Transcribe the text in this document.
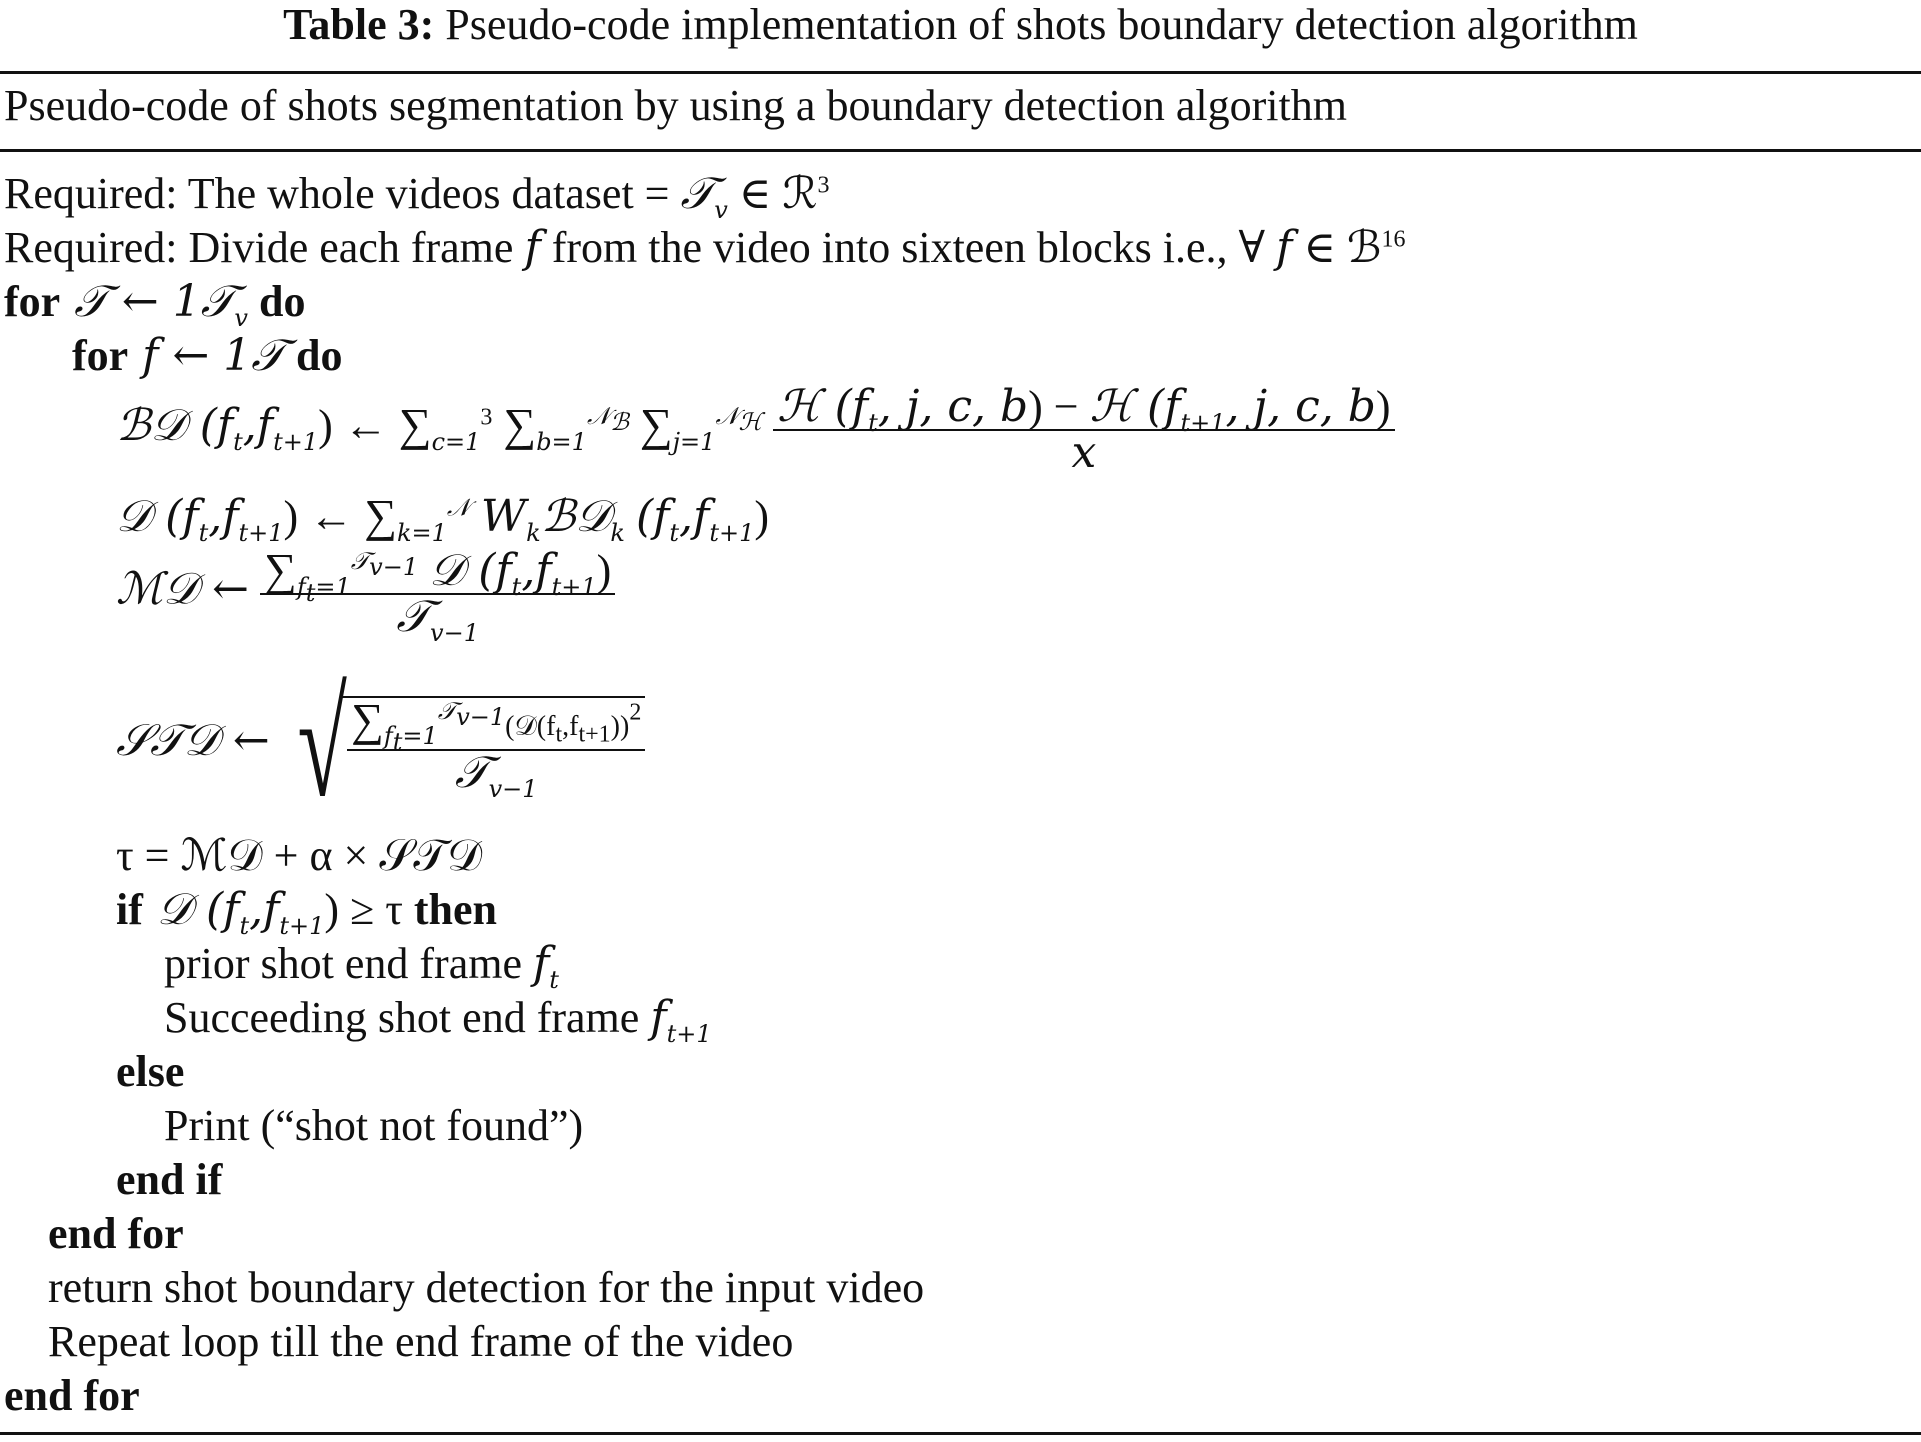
Table 3: Pseudo-code implementation of shots boundary detection algorithm
Pseudo-code of shots segmentation by using a boundary detection algorithm
Required: The whole videos dataset = 𝒯$_v$ ∈ ℛ$^3$
Required: Divide each frame f from the video into sixteen blocks i.e., ∀ f ∈ ℬ$^{16}$
for 𝒯 ← 1𝒯$_v$ do
for f ← 1𝒯 do
ℬ𝒟 $(f_t,f_{t+1})$ ← $\sum_{c=1}^3$ $\sum_{b=1}^{𝒩_ℬ}$ $\sum_{j=1}^{𝒩_ℋ} \frac{ℋ (f_t, j, c, b) - ℋ (f_{t+1}, j, c, b)}{x}$
𝒟 $(f_t,f_{t+1})$ ← $\sum_{k=1}^𝒩$ $W_kℬ𝒟_k$ $(f_t,f_{t+1})$
ℳ𝒟 ← $\frac{\sum_{f_t=1}^{𝒯_{v-1}} 𝒟 (f_t,f_{t+1})}{𝒯_{v-1}}$
𝒮𝒯𝒟 ← √ $\frac{\sum_{f_t=1}^{𝒯_{v-1}}(𝒟(f_t,f_{t+1}))^2}{𝒯_{v-1}}$
τ = ℳ𝒟 + α × 𝒮𝒯𝒟
if 𝒟 $(f_t,f_{t+1}) \ge \tau$ then
prior shot end frame $f_t$
Succeeding shot end frame $f_{t+1}$
else
Print (“shot not found”)
end if
end for
return shot boundary detection for the input video
Repeat loop till the end frame of the video
end for
